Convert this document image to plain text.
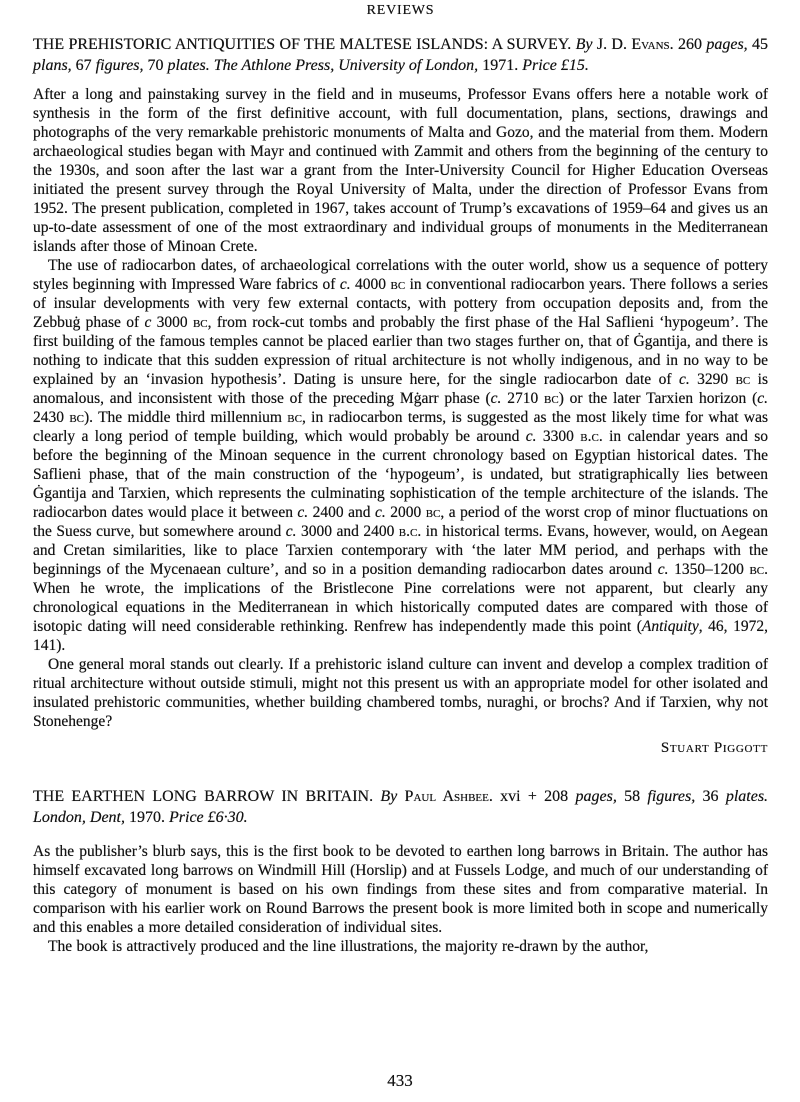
REVIEWS

THE PREHISTORIC ANTIQUITIES OF THE MALTESE ISLANDS: A SURVEY. By J. D. Evans. 260 pages, 45 plans, 67 figures, 70 plates. The Athlone Press, University of London, 1971. Price £15.

After a long and painstaking survey in the field and in museums, Professor Evans offers here a notable work of synthesis in the form of the first definitive account, with full documentation, plans, sections, drawings and photographs of the very remarkable prehistoric monuments of Malta and Gozo, and the material from them. Modern archaeological studies began with Mayr and continued with Zammit and others from the beginning of the century to the 1930s, and soon after the last war a grant from the Inter-University Council for Higher Education Overseas initiated the present survey through the Royal University of Malta, under the direction of Professor Evans from 1952. The present publication, completed in 1967, takes account of Trump’s excavations of 1959–64 and gives us an up-to-date assessment of one of the most extraordinary and individual groups of monuments in the Mediterranean islands after those of Minoan Crete.

The use of radiocarbon dates, of archaeological correlations with the outer world, show us a sequence of pottery styles beginning with Impressed Ware fabrics of c. 4000 bc in conventional radiocarbon years. There follows a series of insular developments with very few external contacts, with pottery from occupation deposits and, from the Zebbuġ phase of c 3000 bc, from rock-cut tombs and probably the first phase of the Hal Saflieni ‘hypogeum’. The first building of the famous temples cannot be placed earlier than two stages further on, that of Ġgantija, and there is nothing to indicate that this sudden expression of ritual architecture is not wholly indigenous, and in no way to be explained by an ‘invasion hypothesis’. Dating is unsure here, for the single radiocarbon date of c. 3290 bc is anomalous, and inconsistent with those of the preceding Mġarr phase (c. 2710 bc) or the later Tarxien horizon (c. 2430 bc). The middle third millennium bc, in radiocarbon terms, is suggested as the most likely time for what was clearly a long period of temple building, which would probably be around c. 3300 b.c. in calendar years and so before the beginning of the Minoan sequence in the current chronology based on Egyptian historical dates. The Saflieni phase, that of the main construction of the ‘hypogeum’, is undated, but stratigraphically lies between Ġgantija and Tarxien, which represents the culminating sophistication of the temple architecture of the islands. The radiocarbon dates would place it between c. 2400 and c. 2000 bc, a period of the worst crop of minor fluctuations on the Suess curve, but somewhere around c. 3000 and 2400 b.c. in historical terms. Evans, however, would, on Aegean and Cretan similarities, like to place Tarxien contemporary with ‘the later MM period, and perhaps with the beginnings of the Mycenaean culture’, and so in a position demanding radiocarbon dates around c. 1350–1200 bc. When he wrote, the implications of the Bristlecone Pine correlations were not apparent, but clearly any chronological equations in the Mediterranean in which historically computed dates are compared with those of isotopic dating will need considerable rethinking. Renfrew has independently made this point (Antiquity, 46, 1972, 141).

One general moral stands out clearly. If a prehistoric island culture can invent and develop a complex tradition of ritual architecture without outside stimuli, might not this present us with an appropriate model for other isolated and insulated prehistoric communities, whether building chambered tombs, nuraghi, or brochs? And if Tarxien, why not Stonehenge?

Stuart Piggott

THE EARTHEN LONG BARROW IN BRITAIN. By Paul Ashbee. xvi + 208 pages, 58 figures, 36 plates. London, Dent, 1970. Price £6·30.

As the publisher’s blurb says, this is the first book to be devoted to earthen long barrows in Britain. The author has himself excavated long barrows on Windmill Hill (Horslip) and at Fussels Lodge, and much of our understanding of this category of monument is based on his own findings from these sites and from comparative material. In comparison with his earlier work on Round Barrows the present book is more limited both in scope and numerically and this enables a more detailed consideration of individual sites.

The book is attractively produced and the line illustrations, the majority re-drawn by the author,

433
